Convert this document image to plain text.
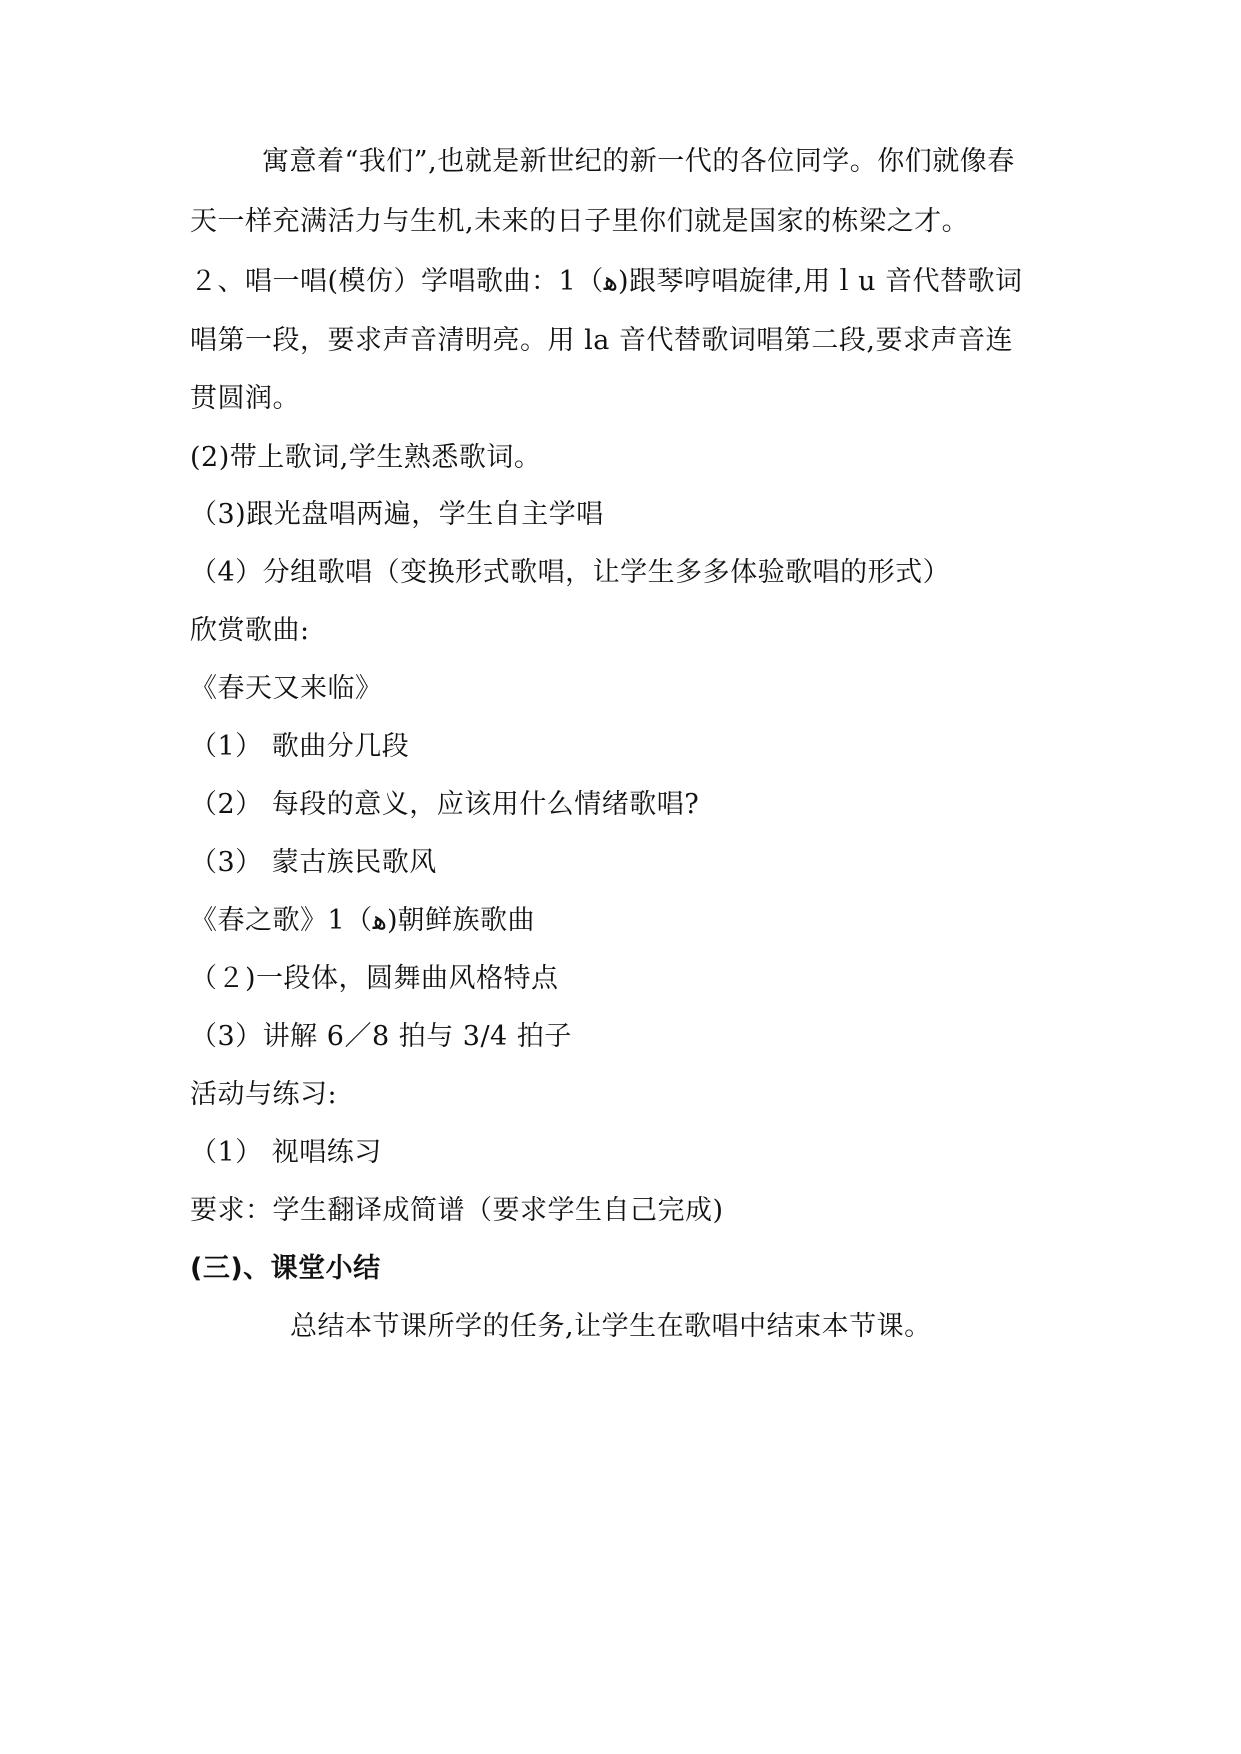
寓意着“我们”,也就是新世纪的新一代的各位同学。你们就像春
天一样充满活力与生机,未来的日子里你们就是国家的栋梁之才。
２、唱一唱(模仿）学唱歌曲：1（ﻫ)跟琴哼唱旋律,用ｌu 音代替歌词
唱第一段，要求声音清明亮。用 la 音代替歌词唱第二段,要求声音连
贯圆润。
(2)带上歌词,学生熟悉歌词。
（3)跟光盘唱两遍，学生自主学唱
（4）分组歌唱（变换形式歌唱，让学生多多体验歌唱的形式）
欣赏歌曲:
《春天又来临》
（1） 歌曲分几段
（2） 每段的意义，应该用什么情绪歌唱?
（3） 蒙古族民歌风
《春之歌》1（ﻫ)朝鲜族歌曲
（２)一段体，圆舞曲风格特点
（3）讲解 6／8 拍与 3/4 拍子
活动与练习:
（1） 视唱练习
要求：学生翻译成简谱（要求学生自己完成)
(三)、课堂小结
总结本节课所学的任务,让学生在歌唱中结束本节课。
